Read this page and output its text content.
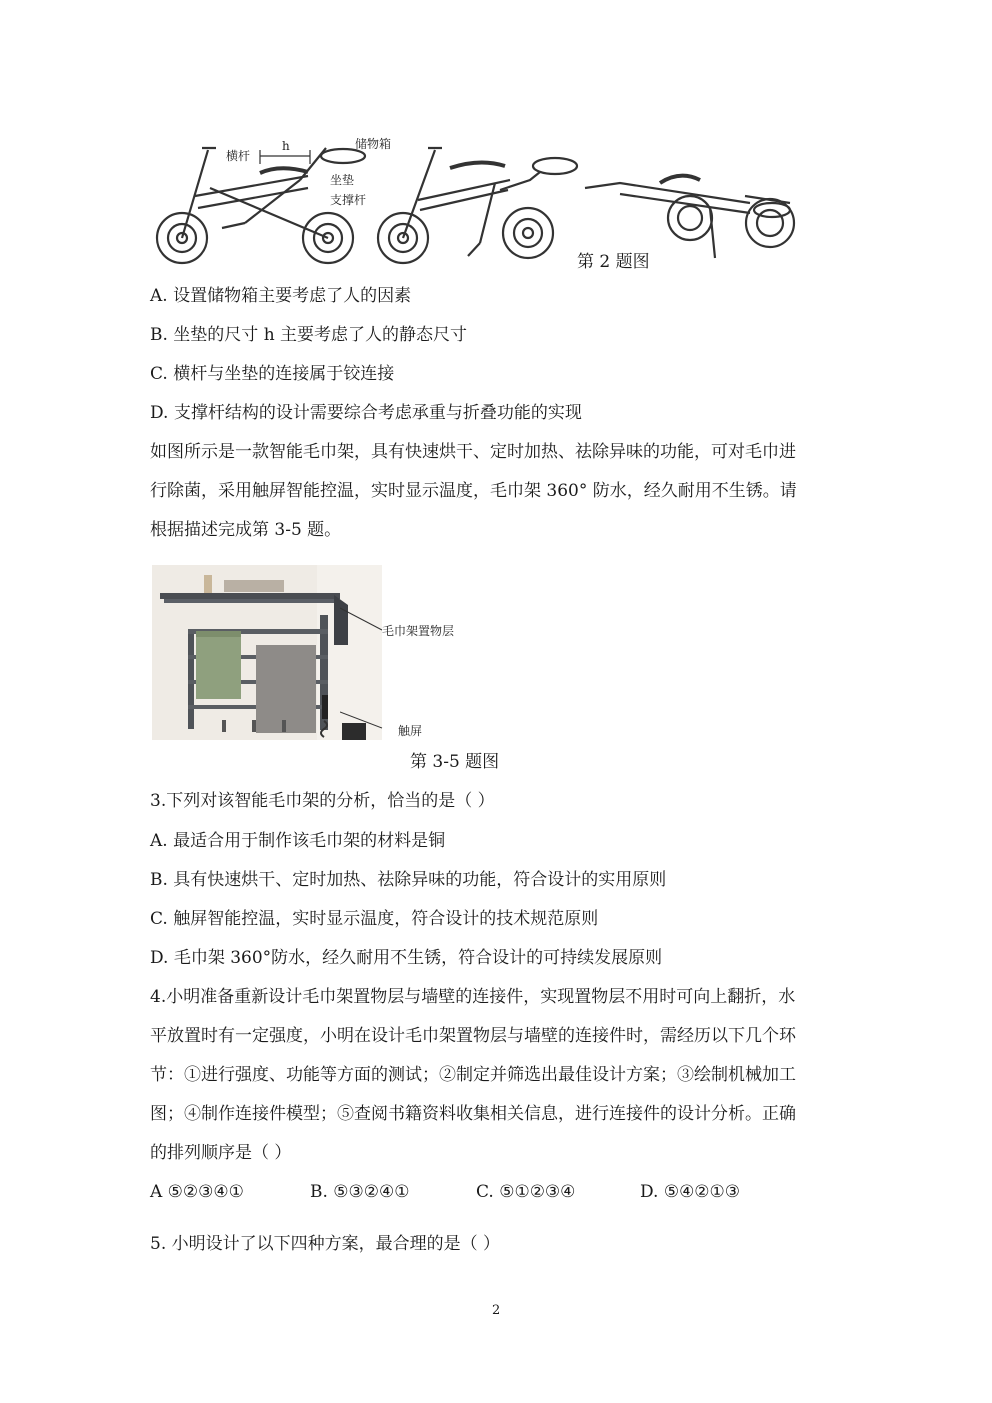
横杆
h	储物箱
坐垫
支撑杆
第 2 题图
A. 设置储物箱主要考虑了人的因素
B. 坐垫的尺寸 h 主要考虑了人的静态尺寸
C. 横杆与坐垫的连接属于铰连接
D. 支撑杆结构的设计需要综合考虑承重与折叠功能的实现
如图所示是一款智能毛巾架，具有快速烘干、定时加热、祛除异味的功能，可对毛巾进
行除菌，采用触屏智能控温，实时显示温度，毛巾架 360° 防水，经久耐用不生锈。请
根据描述完成第 3-5 题。
毛巾架置物层
触屏
第 3-5 题图
3.下列对该智能毛巾架的分析，恰当的是（ ）
A. 最适合用于制作该毛巾架的材料是铜
B. 具有快速烘干、定时加热、祛除异味的功能，符合设计的实用原则
C. 触屏智能控温，实时显示温度，符合设计的技术规范原则
D. 毛巾架 360°防水，经久耐用不生锈，符合设计的可持续发展原则
4.小明准备重新设计毛巾架置物层与墙壁的连接件，实现置物层不用时可向上翻折，水
平放置时有一定强度，小明在设计毛巾架置物层与墙壁的连接件时，需经历以下几个环
节：①进行强度、功能等方面的测试；②制定并筛选出最佳设计方案；③绘制机械加工
图；④制作连接件模型；⑤查阅书籍资料收集相关信息，进行连接件的设计分析。正确
的排列顺序是（ ）
A ⑤②③④①	B. ⑤③②④①	C. ⑤①②③④	D. ⑤④②①③
5. 小明设计了以下四种方案，最合理的是（ ）
2
